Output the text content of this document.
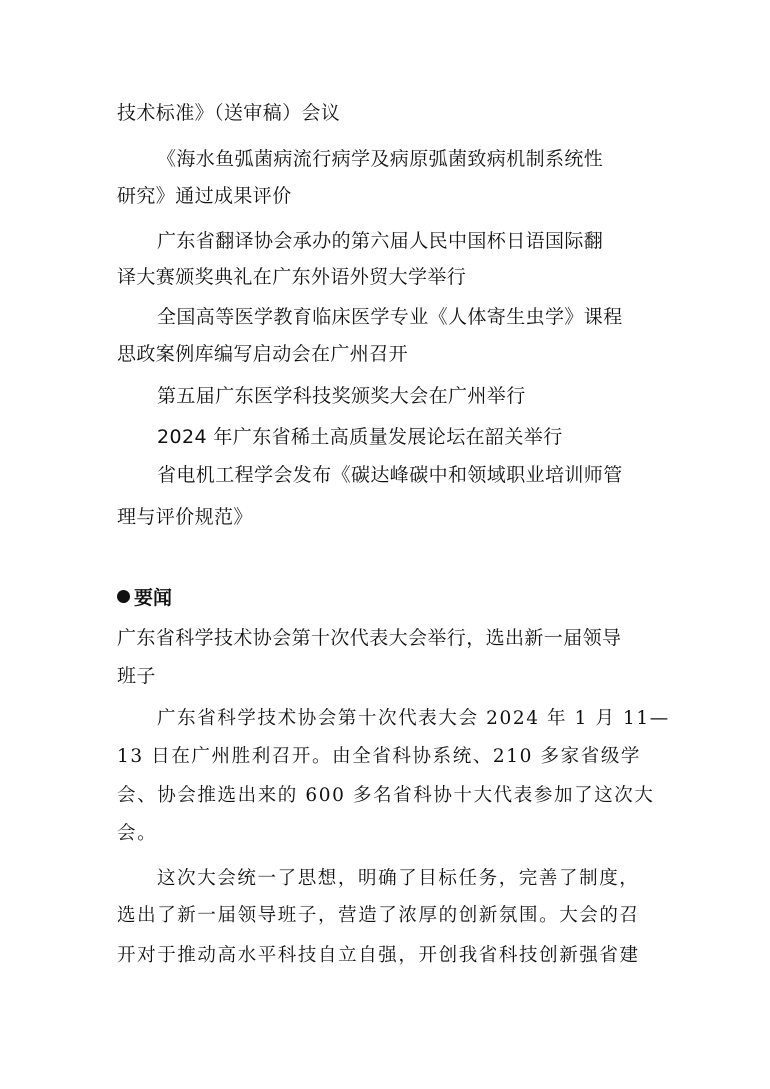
技术标准》（送审稿）会议
《海水鱼弧菌病流行病学及病原弧菌致病机制系统性
研究》通过成果评价
广东省翻译协会承办的第六届人民中国杯日语国际翻
译大赛颁奖典礼在广东外语外贸大学举行
全国高等医学教育临床医学专业《人体寄生虫学》课程
思政案例库编写启动会在广州召开
第五届广东医学科技奖颁奖大会在广州举行
2024 年广东省稀土高质量发展论坛在韶关举行
省电机工程学会发布《碳达峰碳中和领域职业培训师管
理与评价规范》
要闻
广东省科学技术协会第十次代表大会举行，选出新一届领导
班子
广东省科学技术协会第十次代表大会 2024 年 1 月 11—
13 日在广州胜利召开。由全省科协系统、210 多家省级学
会、协会推选出来的 600 多名省科协十大代表参加了这次大
会。
这次大会统一了思想，明确了目标任务，完善了制度，
选出了新一届领导班子，营造了浓厚的创新氛围。大会的召
开对于推动高水平科技自立自强，开创我省科技创新强省建
